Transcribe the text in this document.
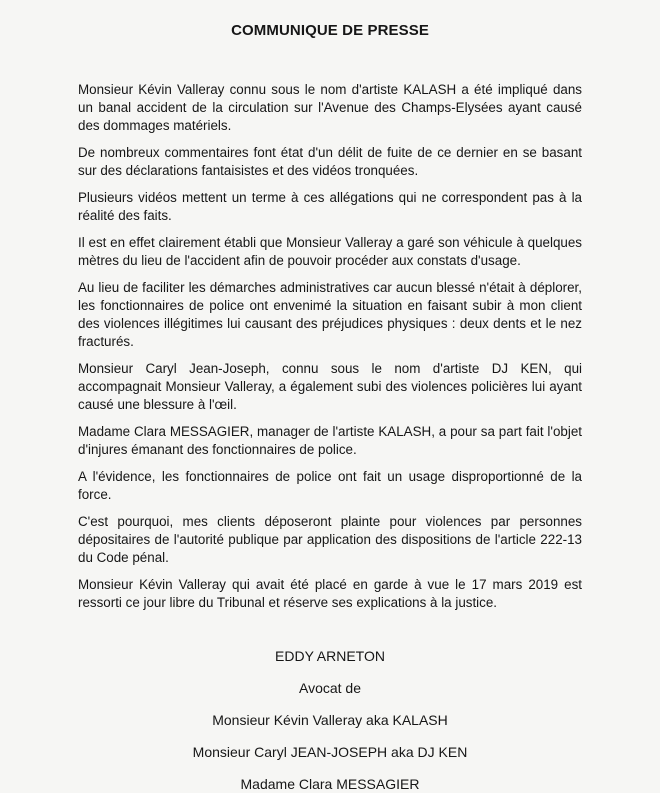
COMMUNIQUE DE PRESSE

Monsieur Kévin Valleray connu sous le nom d'artiste KALASH a été impliqué dans un banal accident de la circulation sur l'Avenue des Champs-Elysées ayant causé des dommages matériels.

De nombreux commentaires font état d'un délit de fuite de ce dernier en se basant sur des déclarations fantaisistes et des vidéos tronquées.

Plusieurs vidéos mettent un terme à ces allégations qui ne correspondent pas à la réalité des faits.

Il est en effet clairement établi que Monsieur Valleray a garé son véhicule à quelques mètres du lieu de l'accident afin de pouvoir procéder aux constats d'usage.

Au lieu de faciliter les démarches administratives car aucun blessé n'était à déplorer, les fonctionnaires de police ont envenimé la situation en faisant subir à mon client des violences illégitimes lui causant des préjudices physiques : deux dents et le nez fracturés.

Monsieur Caryl Jean-Joseph, connu sous le nom d'artiste DJ KEN, qui accompagnait Monsieur Valleray, a également subi des violences policières lui ayant causé une blessure à l'œil.

Madame Clara MESSAGIER, manager de l'artiste KALASH, a pour sa part fait l'objet d'injures émanant des fonctionnaires de police.

A l'évidence, les fonctionnaires de police ont fait un usage disproportionné de la force.

C'est pourquoi, mes clients déposeront plainte pour violences par personnes dépositaires de l'autorité publique par application des dispositions de l'article 222-13 du Code pénal.

Monsieur Kévin Valleray qui avait été placé en garde à vue le 17 mars 2019 est ressorti ce jour libre du Tribunal et réserve ses explications à la justice.

EDDY ARNETON
Avocat de
Monsieur Kévin Valleray aka KALASH
Monsieur Caryl JEAN-JOSEPH aka DJ KEN
Madame Clara MESSAGIER
